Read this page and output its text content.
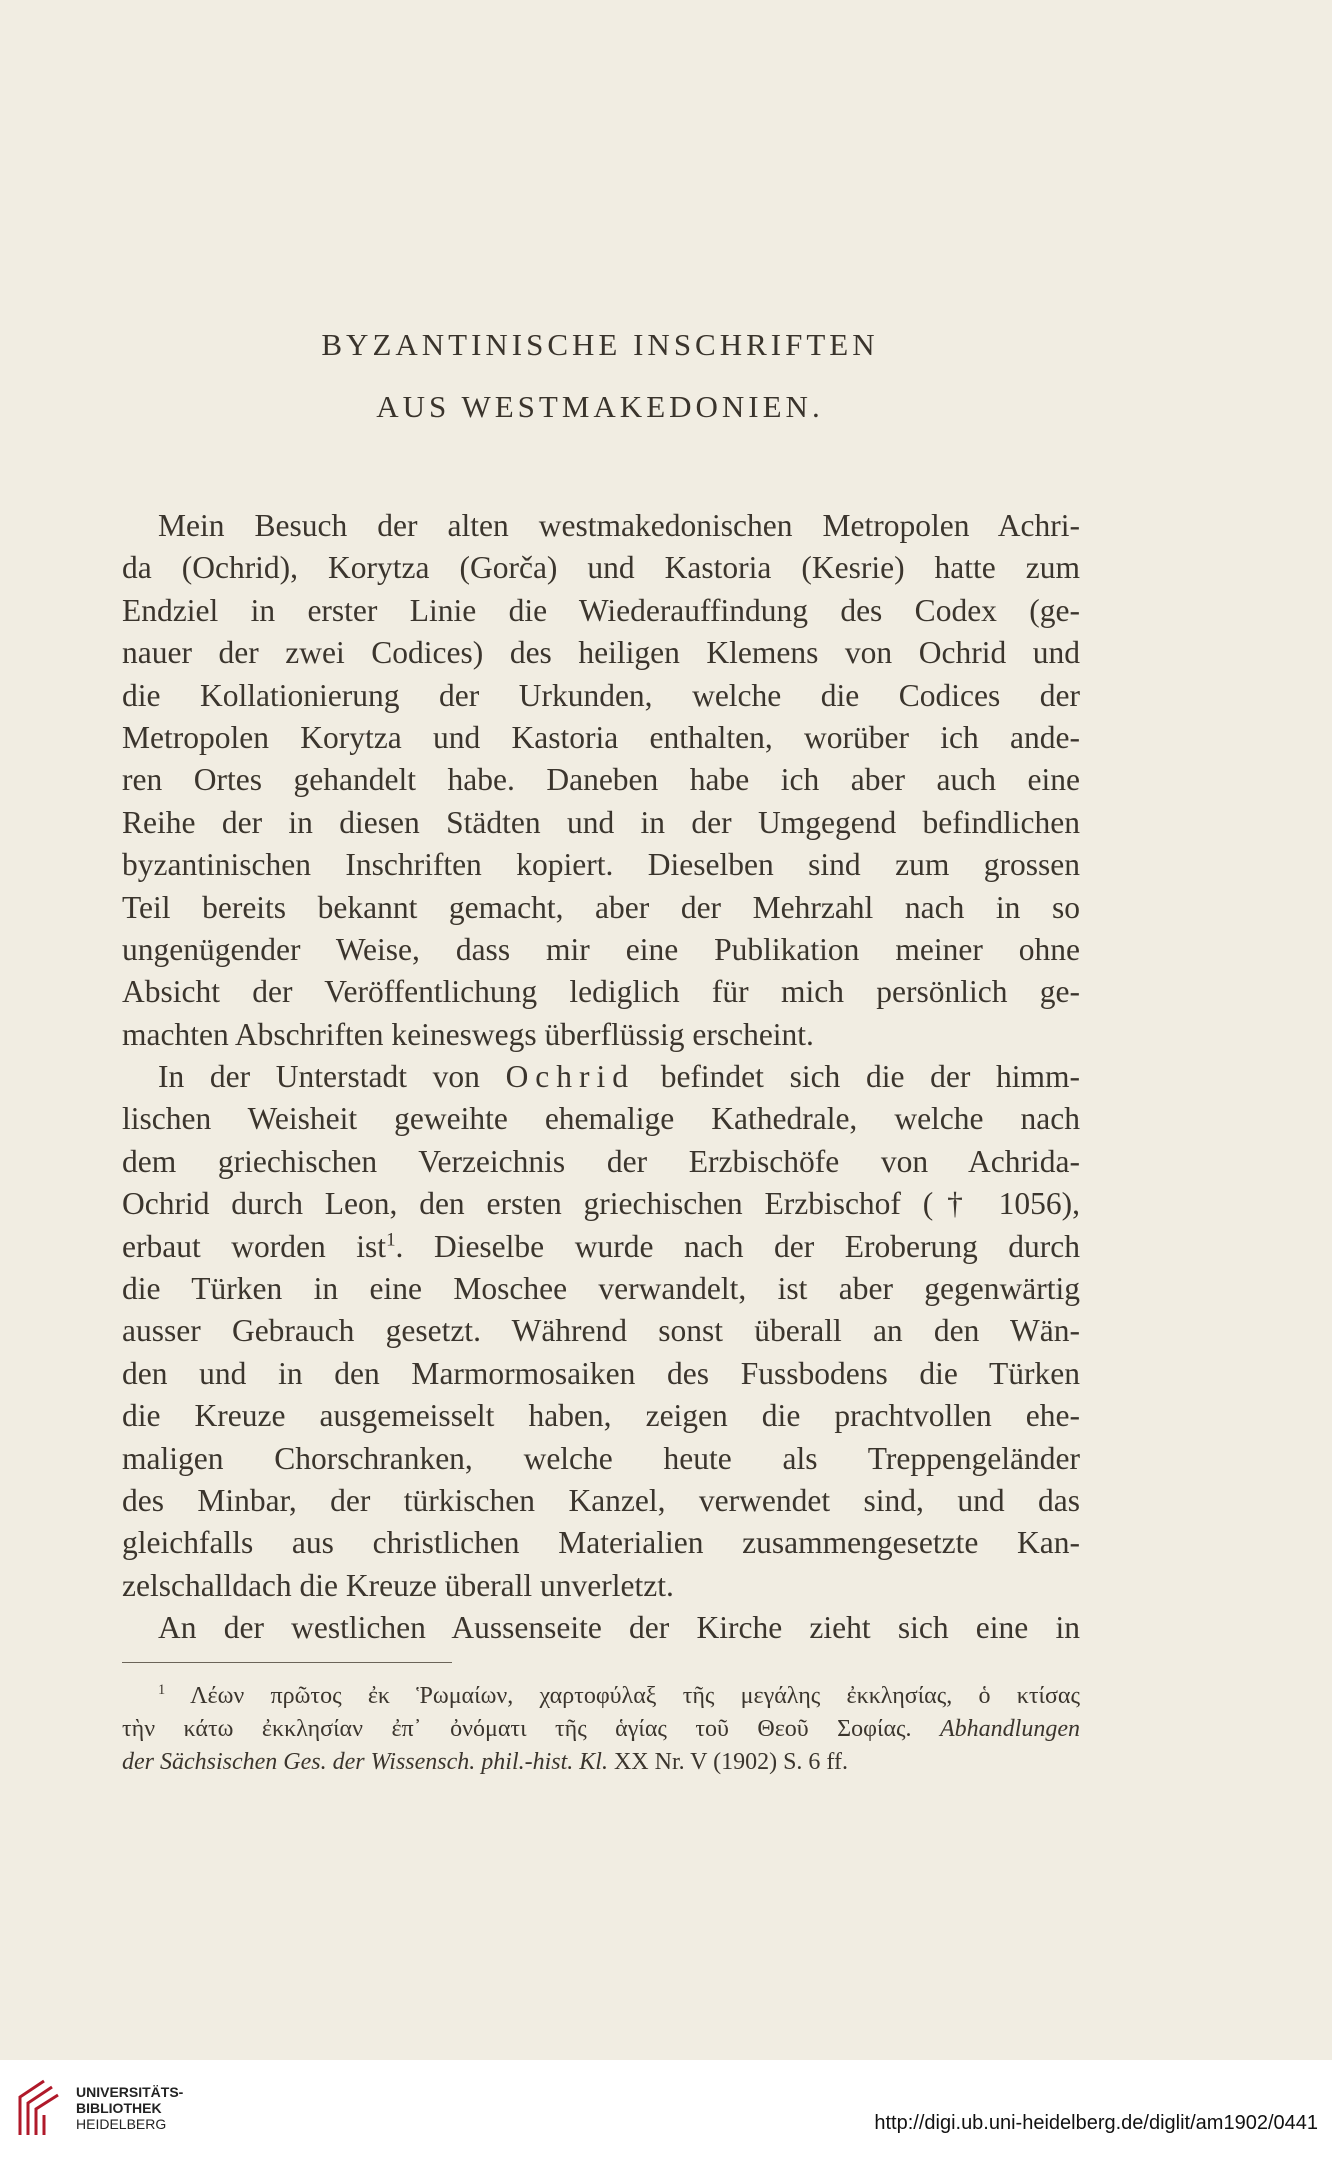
BYZANTINISCHE INSCHRIFTEN
AUS WESTMAKEDONIEN.
Mein Besuch der alten westmakedonischen Metropolen Achri-
da (Ochrid), Korytza (Gorča) und Kastoria (Kesrie) hatte zum
Endziel in erster Linie die Wiederauffindung des Codex (ge-
nauer der zwei Codices) des heiligen Klemens von Ochrid und
die Kollationierung der Urkunden, welche die Codices der
Metropolen Korytza und Kastoria enthalten, worüber ich ande-
ren Ortes gehandelt habe. Daneben habe ich aber auch eine
Reihe der in diesen Städten und in der Umgegend befindlichen
byzantinischen Inschriften kopiert. Dieselben sind zum grossen
Teil bereits bekannt gemacht, aber der Mehrzahl nach in so
ungenügender Weise, dass mir eine Publikation meiner ohne
Absicht der Veröffentlichung lediglich für mich persönlich ge-
machten Abschriften keineswegs überflüssig erscheint.
In der Unterstadt von Ochrid befindet sich die der himm-
lischen Weisheit geweihte ehemalige Kathedrale, welche nach
dem griechischen Verzeichnis der Erzbischöfe von Achrida-
Ochrid durch Leon, den ersten griechischen Erzbischof († 1056),
erbaut worden ist$^1$. Dieselbe wurde nach der Eroberung durch
die Türken in eine Moschee verwandelt, ist aber gegenwärtig
ausser Gebrauch gesetzt. Während sonst überall an den Wän-
den und in den Marmormosaiken des Fussbodens die Türken
die Kreuze ausgemeisselt haben, zeigen die prachtvollen ehe-
maligen Chorschranken, welche heute als Treppengeländer
des Minbar, der türkischen Kanzel, verwendet sind, und das
gleichfalls aus christlichen Materialien zusammengesetzte Kan-
zelschalldach die Kreuze überall unverletzt.
An der westlichen Aussenseite der Kirche zieht sich eine in
$^1$ Λέων πρῶτος ἐκ Ῥωμαίων, χαρτοφύλαξ τῆς μεγάλης ἐκκλησίας, ὁ κτίσας
τὴν κάτω ἐκκλησίαν ἐπ᾽ ὀνόματι τῆς ἁγίας τοῦ Θεοῦ Σοφίας. Abhandlungen
der Sächsischen Ges. der Wissensch. phil.-hist. Kl. XX Nr. V (1902) S. 6 ff.
UNIVERSITÄTS-
BIBLIOTHEK
HEIDELBERG	http://digi.ub.uni-heidelberg.de/diglit/am1902/0441
